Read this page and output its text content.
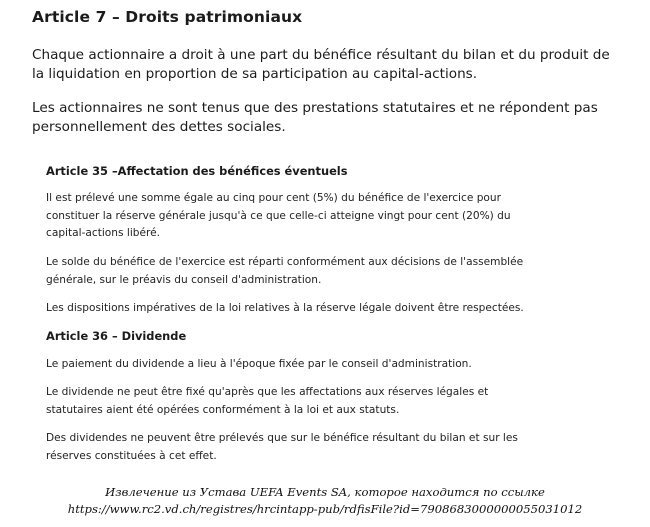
Article 7 – Droits patrimoniaux

Chaque actionnaire a droit à une part du bénéfice résultant du bilan et du produit de la liquidation en proportion de sa participation au capital-actions.

Les actionnaires ne sont tenus que des prestations statutaires et ne répondent pas personnellement des dettes sociales.

Article 35 –Affectation des bénéfices éventuels

Il est prélevé une somme égale au cinq pour cent (5%) du bénéfice de l'exercice pour constituer la réserve générale jusqu'à ce que celle-ci atteigne vingt pour cent (20%) du capital-actions libéré.

Le solde du bénéfice de l'exercice est réparti conformément aux décisions de l'assemblée générale, sur le préavis du conseil d'administration.

Les dispositions impératives de la loi relatives à la réserve légale doivent être respectées.

Article 36 – Dividende

Le paiement du dividende a lieu à l'époque fixée par le conseil d'administration.

Le dividende ne peut être fixé qu'après que les affectations aux réserves légales et statutaires aient été opérées conformément à la loi et aux statuts.

Des dividendes ne peuvent être prélevés que sur le bénéfice résultant du bilan et sur les réserves constituées à cet effet.

Извлечение из Устава UEFA Events SA, которое находится по ссылке
https://www.rc2.vd.ch/registres/hrcintapp-pub/rdfisFile?id=7908683000000055031012
